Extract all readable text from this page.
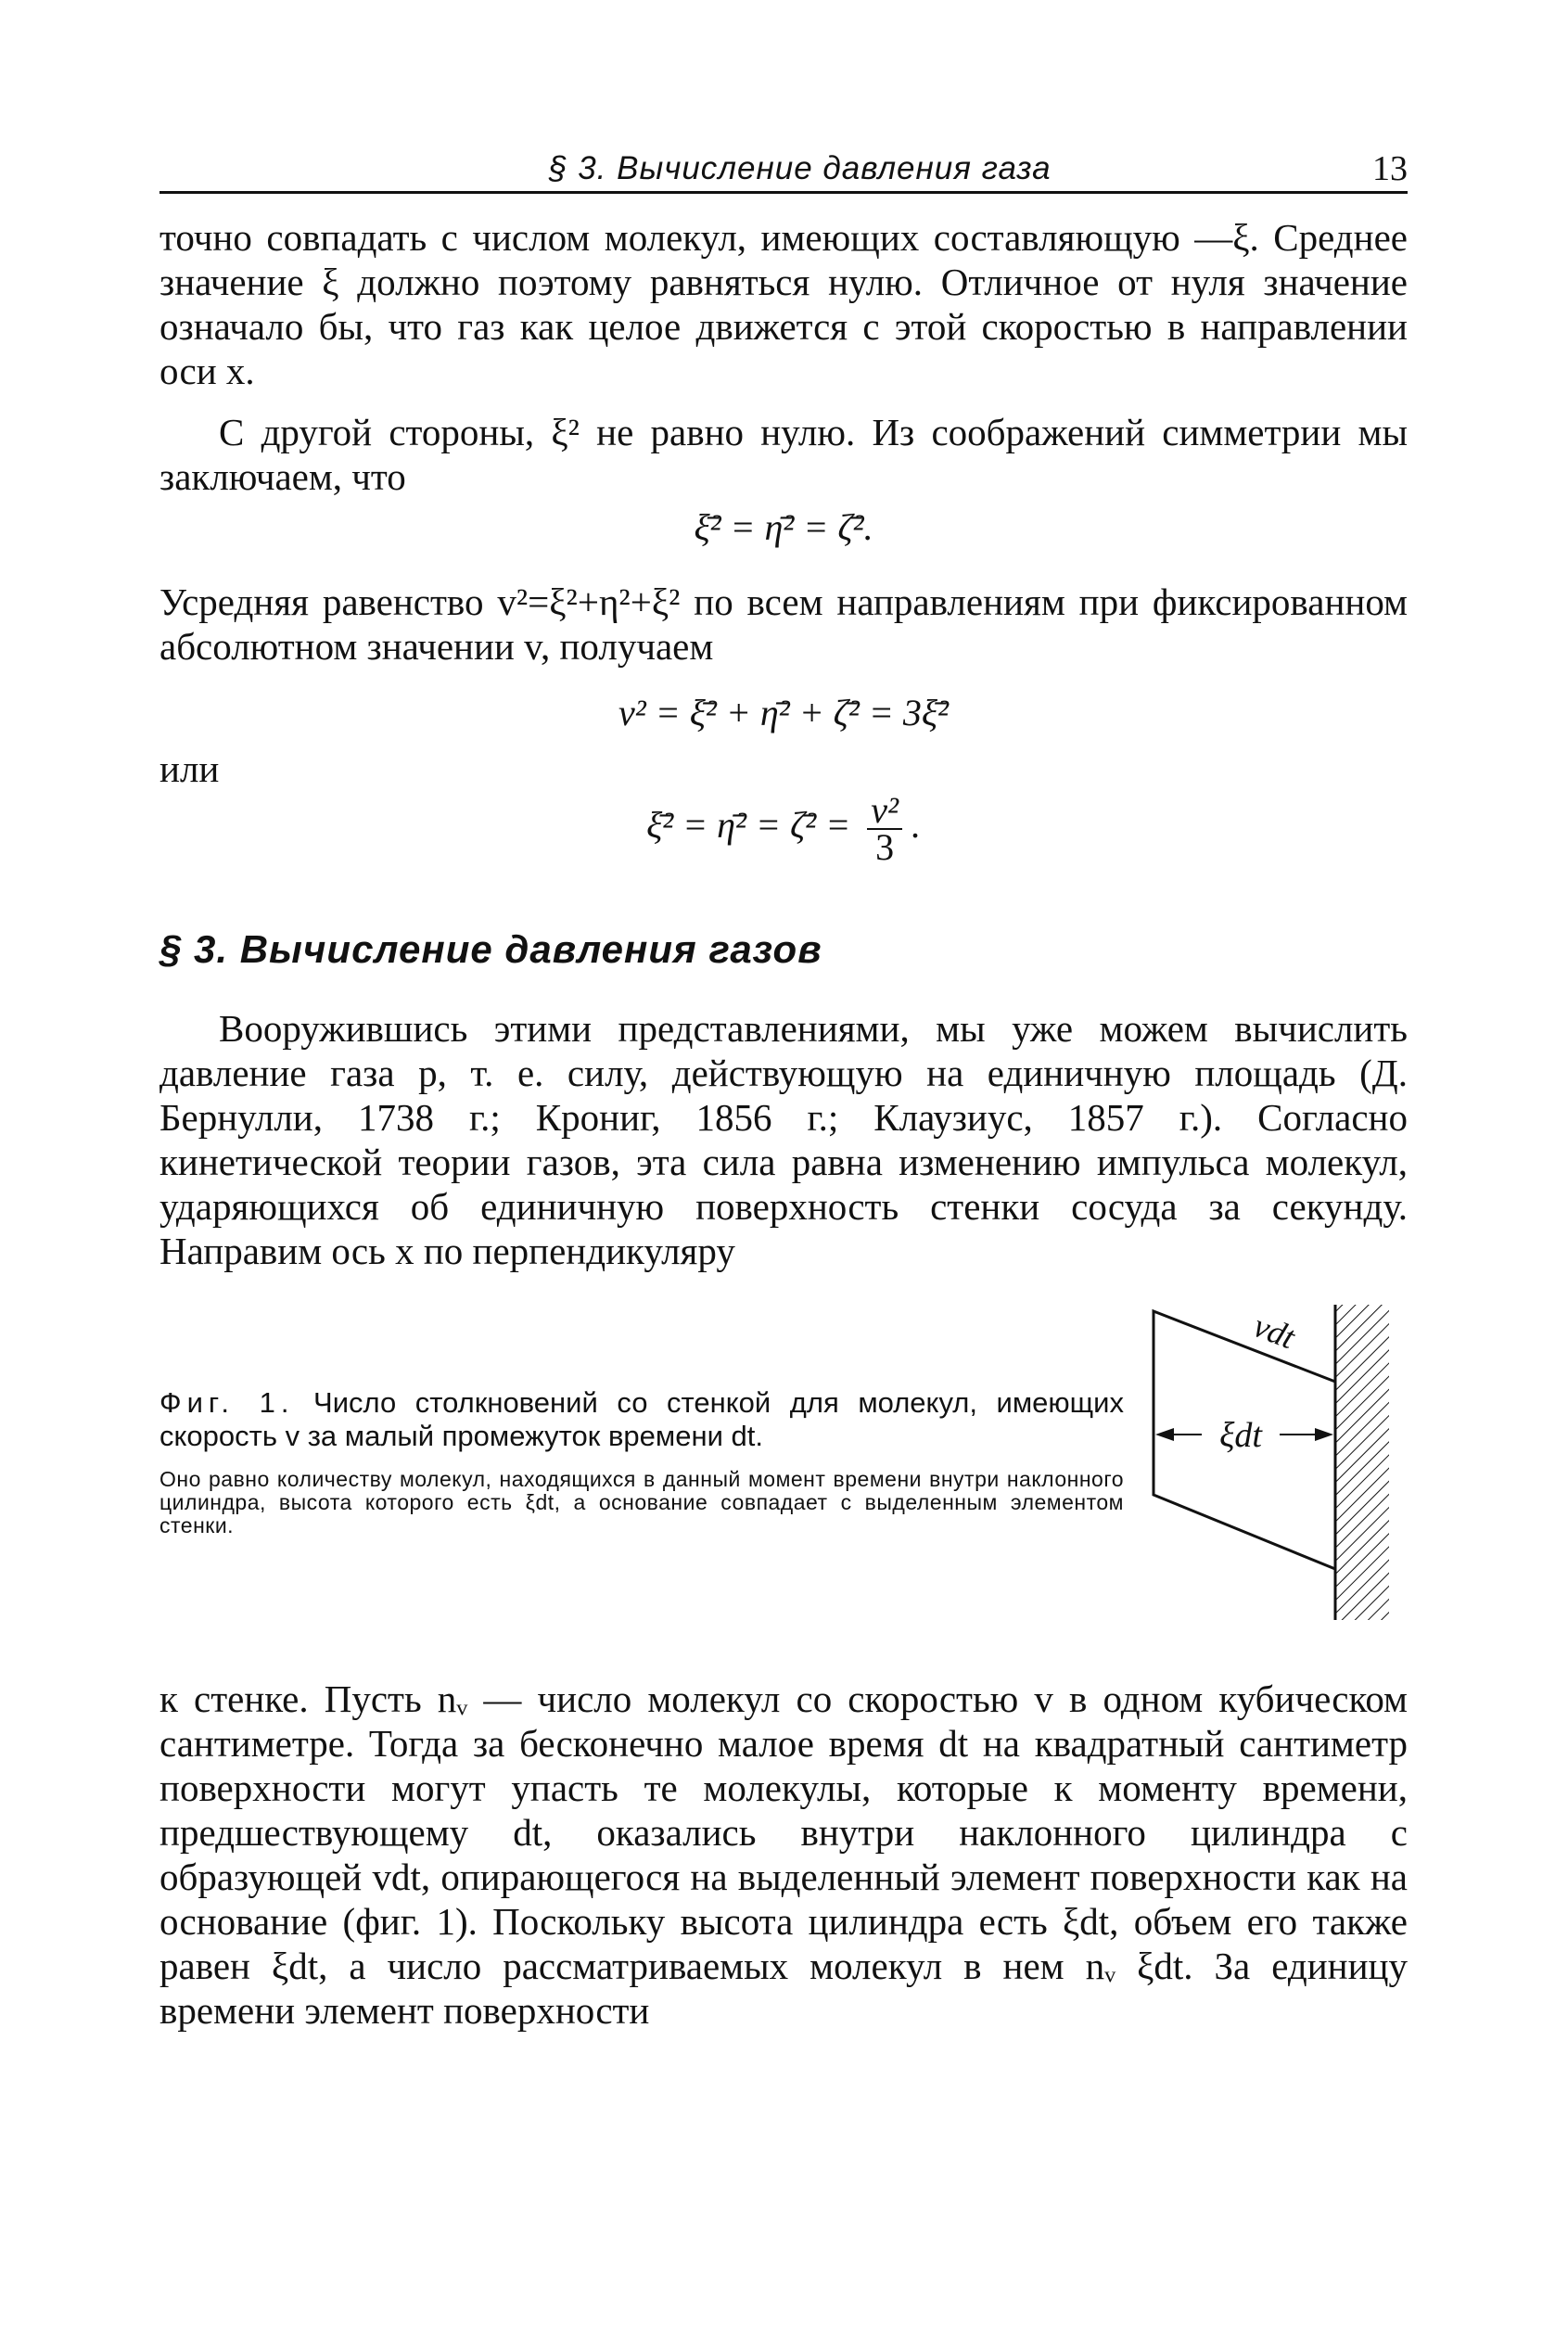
§ 3. Вычисление давления газа	13

точно совпадать с числом молекул, имеющих составляющую —ξ. Среднее значение ξ должно поэтому равняться нулю. Отличное от нуля значение означало бы, что газ как целое движется с этой скоростью в направлении оси x.

С другой стороны, ξ² не равно нулю. Из соображений симметрии мы заключаем, что

ξ̄² = η̄² = ζ̄².

Усредняя равенство v²=ξ²+η²+ξ² по всем направлениям при фиксированном абсолютном значении v, получаем

v² = ξ̄² + η̄² + ζ̄² = 3ξ̄²
или
ξ̄² = η̄² = ζ̄² = $\frac{\text{v²}}{3}$ .
§ 3. Вычисление давления газов

Вооружившись этими представлениями, мы уже можем вычислить давление газа p, т. е. силу, действующую на единичную площадь (Д. Бернулли, 1738 г.; Крониг, 1856 г.; Клаузиус, 1857 г.). Согласно кинетической теории газов, эта сила равна изменению импульса молекул, ударяющихся об единичную поверхность стенки сосуда за секунду. Направим ось x по перпендикуляру

Фиг. 1. Число столкновений со стенкой для молекул, имеющих скорость v за малый промежуток времени dt.
Оно равно количеству молекул, находящихся в данный момент времени внутри наклонного цилиндра, высота которого есть ξdt, а основание совпадает с выделенным элементом стенки.
ξdt
vdt

к стенке. Пусть nᵥ — число молекул со скоростью v в одном кубическом сантиметре. Тогда за бесконечно малое время dt на квадратный сантиметр поверхности могут упасть те молекулы, которые к моменту времени, предшествующему dt, оказались внутри наклонного цилиндра с образующей vdt, опирающегося на выделенный элемент поверхности как на основание (фиг. 1). Поскольку высота цилиндра есть ξdt, объем его также равен ξdt, а число рассматриваемых молекул в нем nᵥ ξdt. За единицу времени элемент поверхности
